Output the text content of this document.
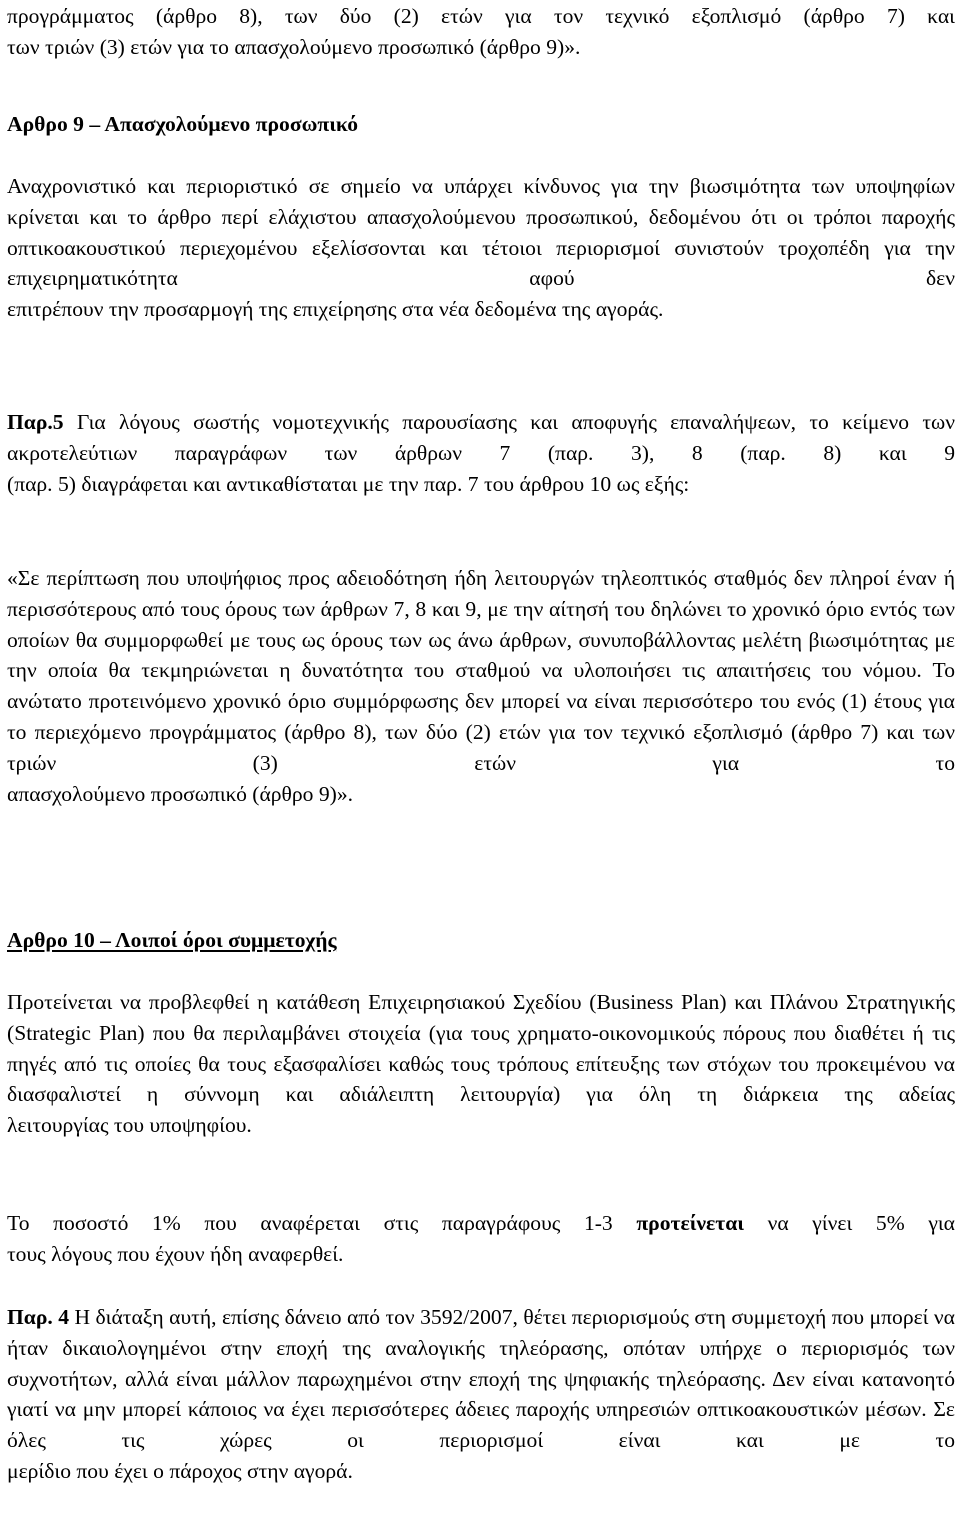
προγράμματος (άρθρο 8), των δύο (2) ετών για τον τεχνικό εξοπλισμό (άρθρο 7) και
των τριών (3) ετών για το απασχολούμενο προσωπικό (άρθρο 9)».

Αρθρο 9 – Απασχολούμενο προσωπικό

Αναχρονιστικό και περιοριστικό σε σημείο να υπάρχει κίνδυνος για την βιωσιμότητα των υποψηφίων κρίνεται και το άρθρο περί ελάχιστου απασχολούμενου προσωπικού, δεδομένου ότι οι τρόποι παροχής οπτικοακουστικού περιεχομένου εξελίσσονται και τέτοιοι περιορισμοί συνιστούν τροχοπέδη για την επιχειρηματικότητα αφού δεν
επιτρέπουν την προσαρμογή της επιχείρησης στα νέα δεδομένα της αγοράς.

Παρ.5 Για λόγους σωστής νομοτεχνικής παρουσίασης και αποφυγής επαναλήψεων, το κείμενο των ακροτελεύτιων παραγράφων των άρθρων 7 (παρ. 3), 8 (παρ. 8) και 9
(παρ. 5) διαγράφεται και αντικαθίσταται με την παρ. 7 του άρθρου 10 ως εξής:

«Σε περίπτωση που υποψήφιος προς αδειοδότηση ήδη λειτουργών τηλεοπτικός σταθμός δεν πληροί έναν ή περισσότερους από τους όρους των άρθρων 7, 8 και 9, με την αίτησή του δηλώνει το χρονικό όριο εντός των οποίων θα συμμορφωθεί με τους ως όρους των ως άνω άρθρων, συνυποβάλλοντας μελέτη βιωσιμότητας με την οποία θα τεκμηριώνεται η δυνατότητα του σταθμού να υλοποιήσει τις απαιτήσεις του νόμου. Το ανώτατο προτεινόμενο χρονικό όριο συμμόρφωσης δεν μπορεί να είναι περισσότερο του ενός (1) έτους για το περιεχόμενο προγράμματος (άρθρο 8), των δύο (2) ετών για τον τεχνικό εξοπλισμό (άρθρο 7) και των τριών (3) ετών για το
απασχολούμενο προσωπικό (άρθρο 9)».

Αρθρο 10 – Λοιποί όροι συμμετοχής

Προτείνεται να προβλεφθεί η κατάθεση Επιχειρησιακού Σχεδίου (Business Plan) και Πλάνου Στρατηγικής (Strategic Plan) που θα περιλαμβάνει στοιχεία (για τους χρηματο-οικονομικούς πόρους που διαθέτει ή τις πηγές από τις οποίες θα τους εξασφαλίσει καθώς τους τρόπους επίτευξης των στόχων του προκειμένου να διασφαλιστεί η σύννομη και αδιάλειπτη λειτουργία) για όλη τη διάρκεια της αδείας
λειτουργίας του υποψηφίου.

Το ποσοστό 1% που αναφέρεται στις παραγράφους 1-3 προτείνεται να γίνει 5% για
τους λόγους που έχουν ήδη αναφερθεί.

Παρ. 4 Η διάταξη αυτή, επίσης δάνειο από τον 3592/2007, θέτει περιορισμούς στη συμμετοχή που μπορεί να ήταν δικαιολογημένοι στην εποχή της αναλογικής τηλεόρασης, οπόταν υπήρχε ο περιορισμός των συχνοτήτων, αλλά είναι μάλλον παρωχημένοι στην εποχή της ψηφιακής τηλεόρασης. Δεν είναι κατανοητό γιατί να μην μπορεί κάποιος να έχει περισσότερες άδειες παροχής υπηρεσιών οπτικοακουστικών μέσων. Σε όλες τις χώρες οι περιορισμοί είναι και με το
μερίδιο που έχει ο πάροχος στην αγορά.
